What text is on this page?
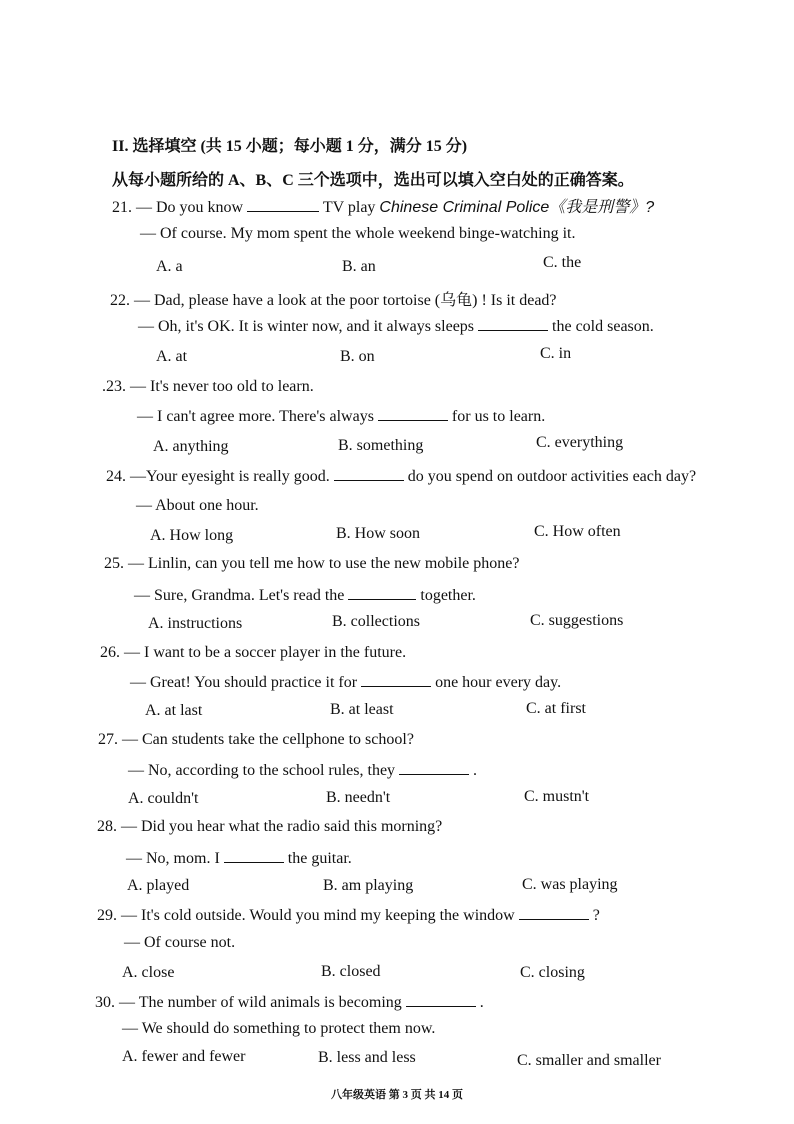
II. 选择填空 (共 15 小题；每小题 1 分，满分 15 分)
从每小题所给的 A、B、C 三个选项中，选出可以填入空白处的正确答案。
21. — Do you know	TV play Chinese Criminal Police《我是刑警》?
— Of course. My mom spent the whole weekend binge-watching it.
A. a	B. an	C. the
22. — Dad, please have a look at the poor tortoise (乌龟) ! Is it dead?
— Oh, it's OK. It is winter now, and it always sleeps	the cold season.
A. at	B. on	C. in
.23. — It's never too old to learn.
— I can't agree more. There's always	for us to learn.
A. anything	B. something	C. everything
24. —Your eyesight is really good.	do you spend on outdoor activities each day?
— About one hour.
A. How long	B. How soon	C. How often
25. — Linlin, can you tell me how to use the new mobile phone?
— Sure, Grandma. Let's read the	together.
A. instructions	B. collections	C. suggestions
26. — I want to be a soccer player in the future.
— Great! You should practice it for	one hour every day.
A. at last	B. at least	C. at first
27. — Can students take the cellphone to school?
— No, according to the school rules, they	.
A. couldn't	B. needn't	C. mustn't
28. — Did you hear what the radio said this morning?
— No, mom. I	the guitar.
A. played	B. am playing	C. was playing
29. — It's cold outside. Would you mind my keeping the window	?
— Of course not.
A. close	B. closed	C. closing
30. — The number of wild animals is becoming	.
— We should do something to protect them now.
A. fewer and fewer	B. less and less	C. smaller and smaller
八年级英语 第 3 页 共 14 页
